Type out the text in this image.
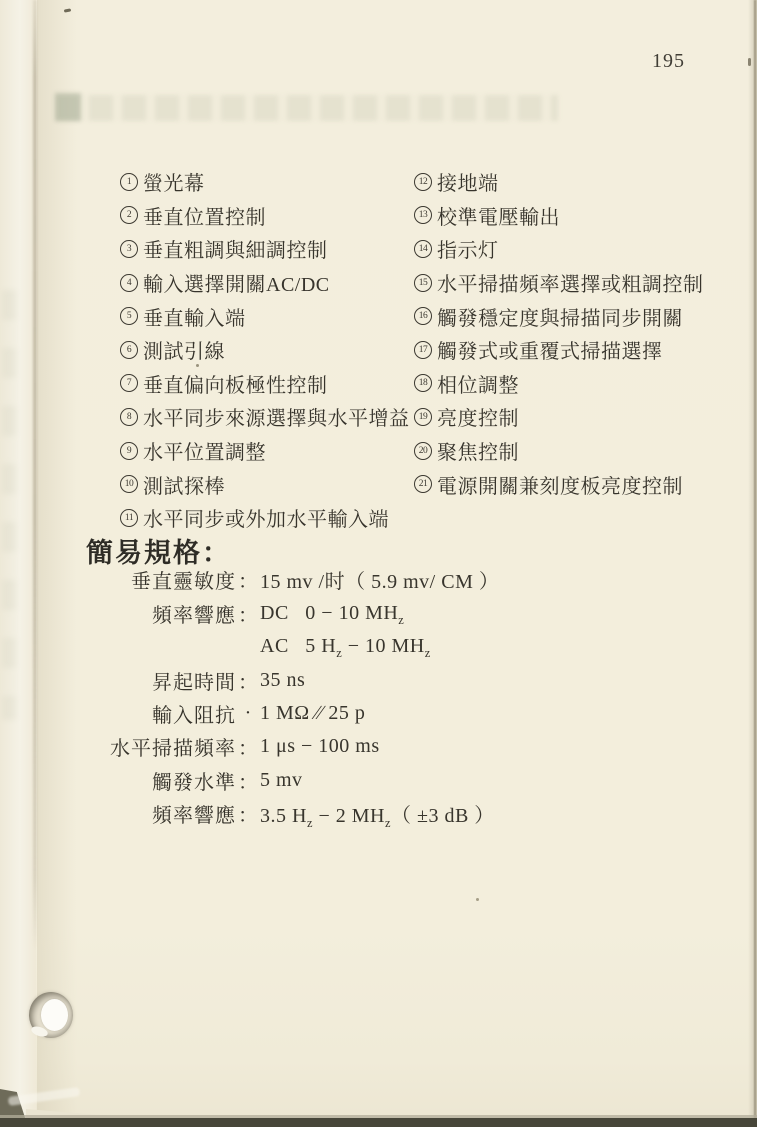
195
1 螢光幕
2 垂直位置控制
3 垂直粗調與細調控制
4 輸入選擇開關AC/DC
5 垂直輸入端
6 測試引線
7 垂直偏向板極性控制
8 水平同步來源選擇與水平增益
9 水平位置調整
10 測試探棒
11 水平同步或外加水平輸入端
12 接地端
13 校準電壓輸出
14 指示灯
15 水平掃描頻率選擇或粗調控制
16 觸發穩定度與掃描同步開關
17 觸發式或重覆式掃描選擇
18 相位調整
19 亮度控制
20 聚焦控制
21 電源開關兼刻度板亮度控制
簡易規格：
垂直靈敏度 ： 15 mv /时（ 5.9 mv/ CM ）
頻率響應 ： DC   0 − 10 $MH_z$
AC   5 $H_z - 10$ $MH_z$
昇起時間 ： 35 ns
輸入阻抗 · 1 MΩ ∕∕ 25 p
水平掃描頻率 ： 1 μs − 100 ms
觸發水準 ： 5 mv
頻率響應 ： 3.5 $H_z - 2$ $MH_z( \pm 3$ dB ）
